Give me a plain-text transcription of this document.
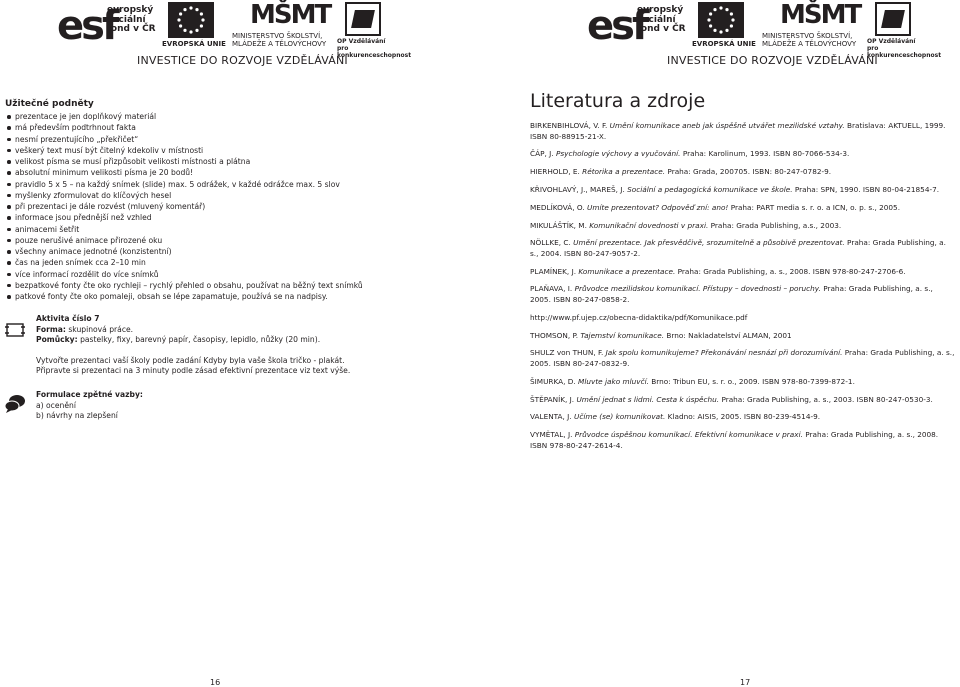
esf
evropský
sociální
fond v ČR
EVROPSKÁ UNIE
MŠMT
MINISTERSTVO ŠKOLSTVÍ,
MLÁDEŽE A TĚLOVÝCHOVY OP Vzdělávání
pro konkurenceschopnost
INVESTICE DO ROZVOJE VZDĚLÁVÁNÍ
Užitečné podněty
prezentace je jen doplňkový materiál
má především podtrhnout fakta
nesmí prezentujícího „překřičet“
veškerý text musí být čitelný kdekoliv v místnosti
velikost písma se musí přizpůsobit velikosti místnosti a plátna
absolutní minimum velikosti písma je 20 bodů!
pravidlo 5 x 5 – na každý snímek (slide) max. 5 odrážek, v každé odrážce max. 5 slov
myšlenky zformulovat do klíčových hesel
při prezentaci je dále rozvést (mluvený komentář)
informace jsou přednější než vzhled
animacemi šetřit
pouze nerušivé animace přirozené oku
všechny animace jednotné (konzistentní)
čas na jeden snímek cca 2–10 min
více informací rozdělit do více snímků
bezpatkové fonty čte oko rychleji – rychlý přehled o obsahu, používat na běžný text snímků
patkové fonty čte oko pomaleji, obsah se lépe zapamatuje, používá se na nadpisy.
Aktivita číslo 7
Forma: skupinová práce.
Pomůcky: pastelky, fixy, barevný papír, časopisy, lepidlo, nůžky (20 min).
Vytvořte prezentaci vaší školy podle zadání Kdyby byla vaše škola tričko - plakát.
Připravte si prezentaci na 3 minuty podle zásad efektivní prezentace viz text výše.
Formulace zpětné vazby:
a) ocenění
b) návrhy na zlepšení
16
esf
evropský
sociální
fond v ČR
EVROPSKÁ UNIE
MŠMT
MINISTERSTVO ŠKOLSTVÍ,
MLÁDEŽE A TĚLOVÝCHOVY OP Vzdělávání
pro konkurenceschopnost
INVESTICE DO ROZVOJE VZDĚLÁVÁNÍ
Literatura a zdroje
BIRKENBIHLOVÁ, V. F. Umění komunikace aneb jak úspěšně utvářet mezilidské vztahy. Bratislava: AKTUELL, 1999. ISBN 80-88915-21-X.
ČÁP, J. Psychologie výchovy a vyučování. Praha: Karolinum, 1993. ISBN 80-7066-534-3.
HIERHOLD, E. Rétorika a prezentace. Praha: Grada, 200705. ISBN: 80-247-0782-9.
KŘIVOHLAVÝ, J., MAREŠ, J. Sociální a pedagogická komunikace ve škole. Praha: SPN, 1990. ISBN 80-04-21854-7.
MEDLÍKOVÁ, O. Umíte prezentovat? Odpověď zní: ano! Praha: PART media s. r. o. a ICN, o. p. s., 2005.
MIKULÁŠTÍK, M. Komunikační dovednosti v praxi. Praha: Grada Publishing, a.s., 2003.
NÖLLKE, C. Umění prezentace. Jak přesvědčivě, srozumitelně a působivě prezentovat. Praha: Grada Publishing, a. s., 2004. ISBN 80-247-9057-2.
PLAMÍNEK, J. Komunikace a prezentace. Praha: Grada Publishing, a. s., 2008. ISBN 978-80-247-2706-6.
PLAŇAVA, I. Průvodce mezilidskou komunikací. Přístupy – dovednosti – poruchy. Praha: Grada Publishing, a. s., 2005. ISBN 80-247-0858-2.
http://www.pf.ujep.cz/obecna-didaktika/pdf/Komunikace.pdf
THOMSON, P. Tajemství komunikace. Brno: Nakladatelství ALMAN, 2001
SHULZ von THUN, F. Jak spolu komunikujeme? Překonávání nesnází při dorozumívání. Praha: Grada Publishing, a. s., 2005. ISBN 80-247-0832-9.
ŠIMURKA, D. Mluvte jako mluvčí. Brno: Tribun EU, s. r. o., 2009. ISBN 978-80-7399-872-1.
ŠTĚPANÍK, J. Umění jednat s lidmi. Cesta k úspěchu. Praha: Grada Publishing, a. s., 2003. ISBN 80-247-0530-3.
VALENTA, J. Učíme (se) komunikovat. Kladno: AISIS, 2005. ISBN 80-239-4514-9.
VYMĚTAL, J. Průvodce úspěšnou komunikací. Efektivní komunikace v praxi. Praha: Grada Publishing, a. s., 2008. ISBN 978-80-247-2614-4.
17
